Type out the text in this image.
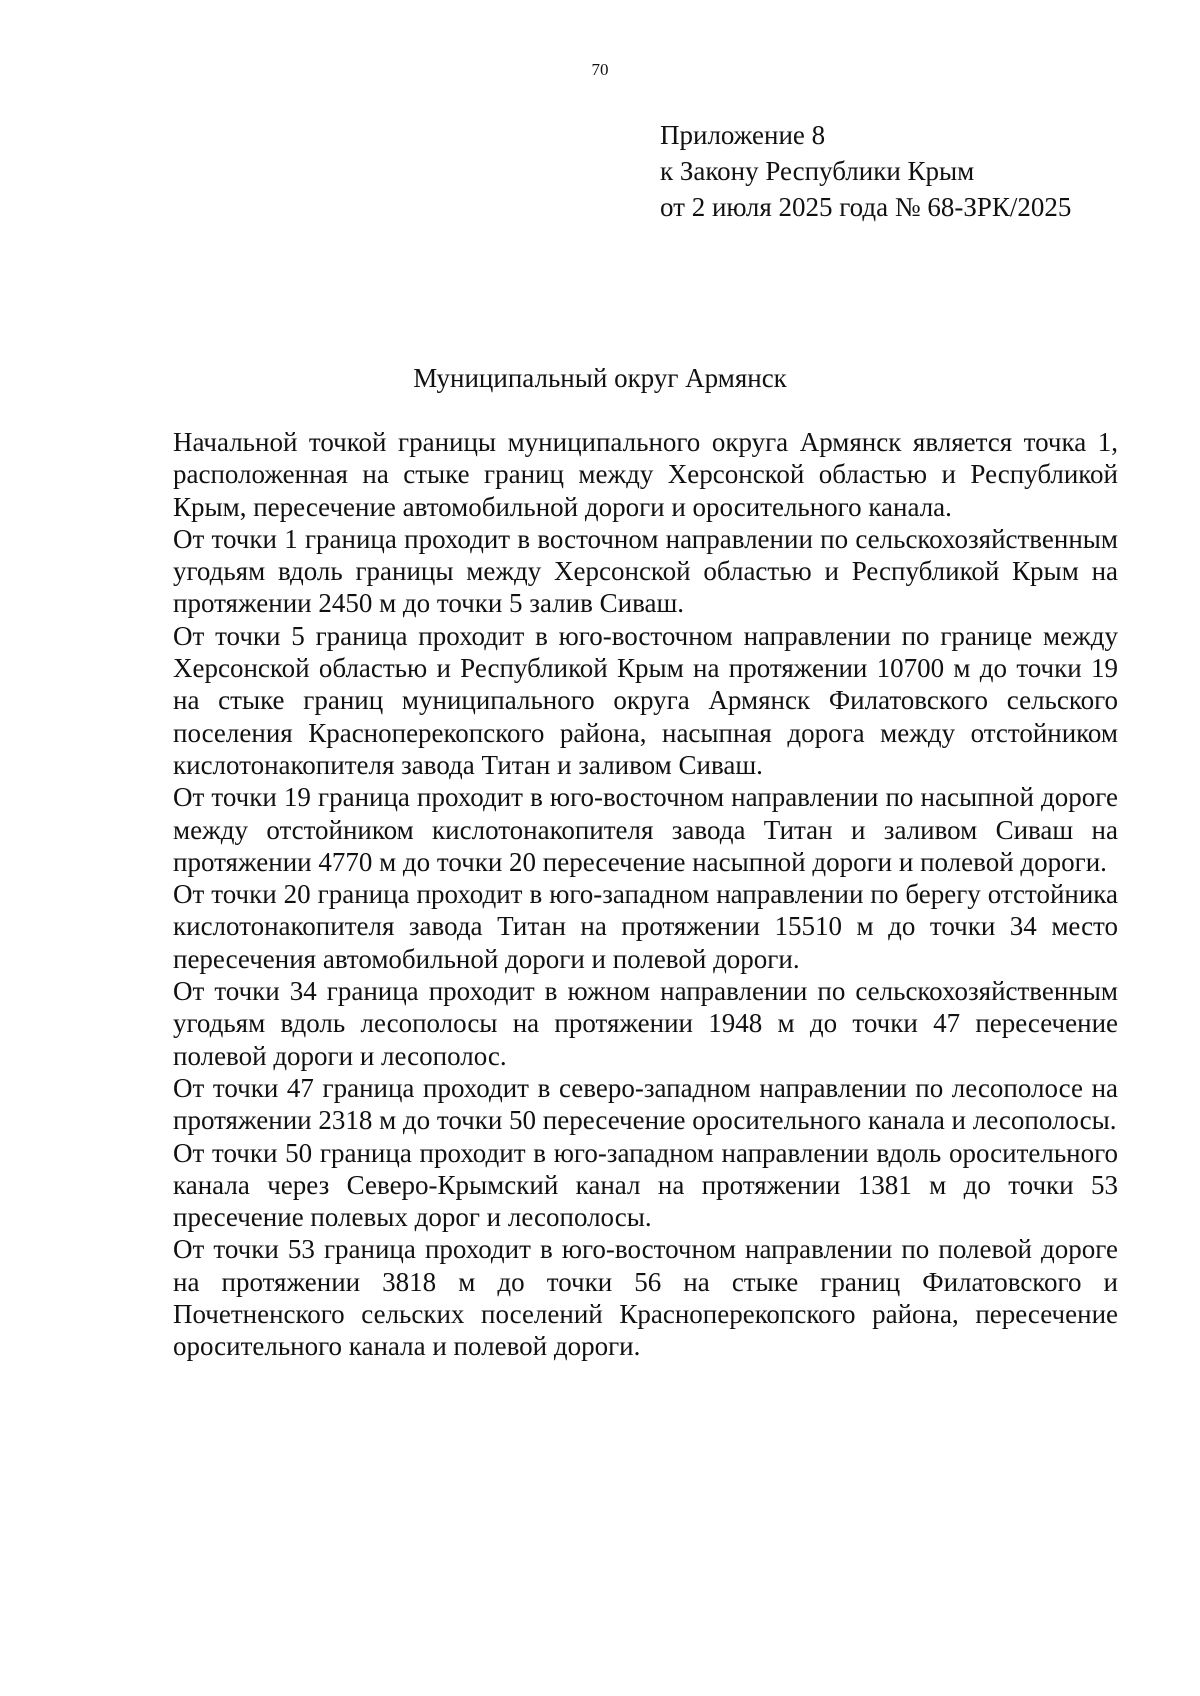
70
Приложение 8
к Закону Республики Крым
от 2 июля 2025 года № 68-ЗРК/2025
Муниципальный округ Армянск

Начальной точкой границы муниципального округа Армянск является точка 1, расположенная на стыке границ между Херсонской областью и Республикой Крым, пересечение автомобильной дороги и оросительного канала.

От точки 1 граница проходит в восточном направлении по сельскохозяйственным угодьям вдоль границы между Херсонской областью и Республикой Крым на протяжении 2450 м до точки 5 залив Сиваш.

От точки 5 граница проходит в юго-восточном направлении по границе между Херсонской областью и Республикой Крым на протяжении 10700 м до точки 19 на стыке границ муниципального округа Армянск Филатовского сельского поселения Красноперекопского района, насыпная дорога между отстойником кислотонакопителя завода Титан и заливом Сиваш.

От точки 19 граница проходит в юго-восточном направлении по насыпной дороге между отстойником кислотонакопителя завода Титан и заливом Сиваш на протяжении 4770 м до точки 20 пересечение насыпной дороги и полевой дороги.

От точки 20 граница проходит в юго-западном направлении по берегу отстойника кислотонакопителя завода Титан на протяжении 15510 м до точки 34 место пересечения автомобильной дороги и полевой дороги.

От точки 34 граница проходит в южном направлении по сельскохозяйственным угодьям вдоль лесополосы на протяжении 1948 м до точки 47 пересечение полевой дороги и лесополос.

От точки 47 граница проходит в северо-западном направлении по лесополосе на протяжении 2318 м до точки 50 пересечение оросительного канала и лесополосы.

От точки 50 граница проходит в юго-западном направлении вдоль оросительного канала через Северо-Крымский канал на протяжении 1381 м до точки 53 пресечение полевых дорог и лесополосы.

От точки 53 граница проходит в юго-восточном направлении по полевой дороге на протяжении 3818 м до точки 56 на стыке границ Филатовского и Почетненского сельских поселений Красноперекопского района, пересечение оросительного канала и полевой дороги.
